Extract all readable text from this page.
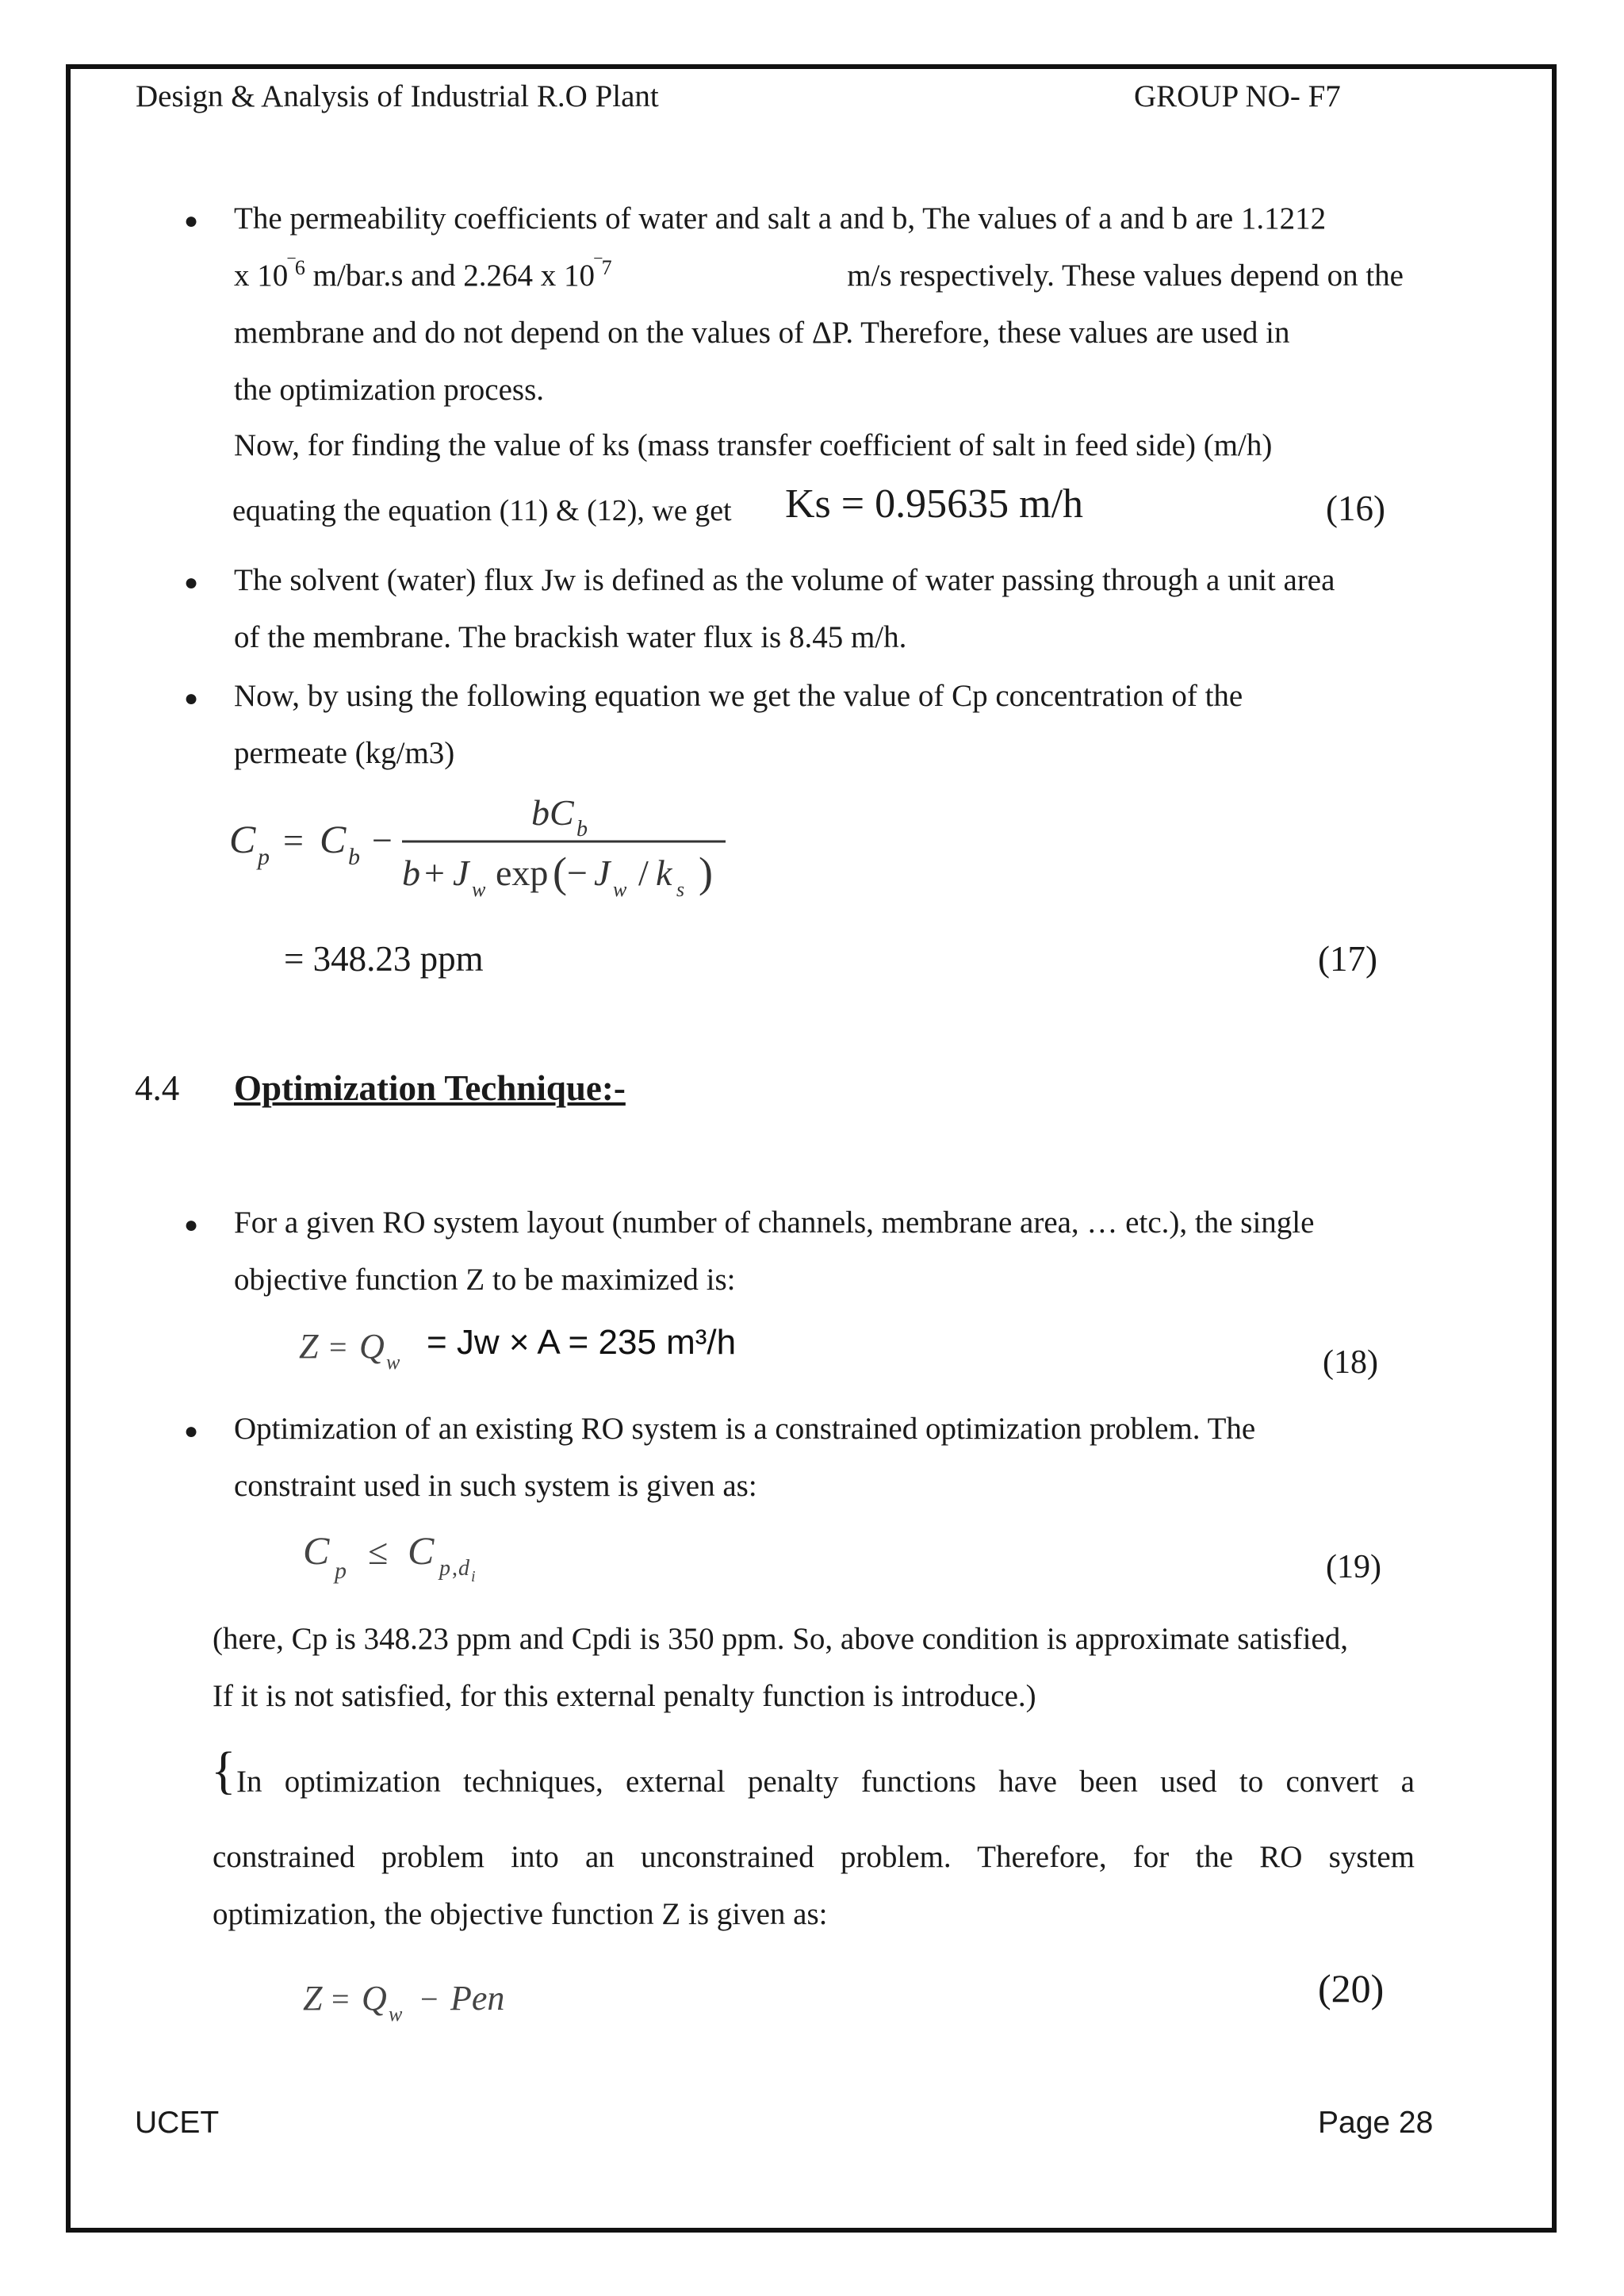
Design & Analysis of Industrial R.O Plant	GROUP NO- F7
● The permeability coefficients of water and salt a and b, The values of a and b are 1.1212
x $10^{‾6}$ m/bar.s and 2.264 x $10^{‾7}$	m/s respectively. These values depend on the
membrane and do not depend on the values of ΔP. Therefore, these values are used in
the optimization process.
Now, for finding the value of ks (mass transfer coefficient of salt in feed side) (m/h)
equating the equation (11) & (12), we get Ks = 0.95635 m/h	(16)
● The solvent (water) flux Jw is defined as the volume of water passing through a unit area
of the membrane. The brackish water flux is 8.45 m/h.
● Now, by using the following equation we get the value of Cp concentration of the
permeate (kg/m3)
C p = C b −
bC b
b + J w exp ( − J w / k s )
= 348.23 ppm	(17)
4.4 Optimization Technique:-
● For a given RO system layout (number of channels, membrane area, … etc.), the single
objective function Z to be maximized is:
Z = Q w
= Jw × A = 235 m³/h
(18)
● Optimization of an existing RO system is a constrained optimization problem. The
constraint used in such system is given as:
C p ≤ C p , d i	(19)
(here, Cp is 348.23 ppm and Cpdi is 350 ppm. So, above condition is approximate satisfied,
If it is not satisfied, for this external penalty function is introduce.)
{ In optimization techniques, external penalty functions have been used to convert a
constrained problem into an unconstrained problem. Therefore, for the RO system
optimization, the objective function Z is given as:
Z = Q w − Pen	(20)
UCET	Page 28
